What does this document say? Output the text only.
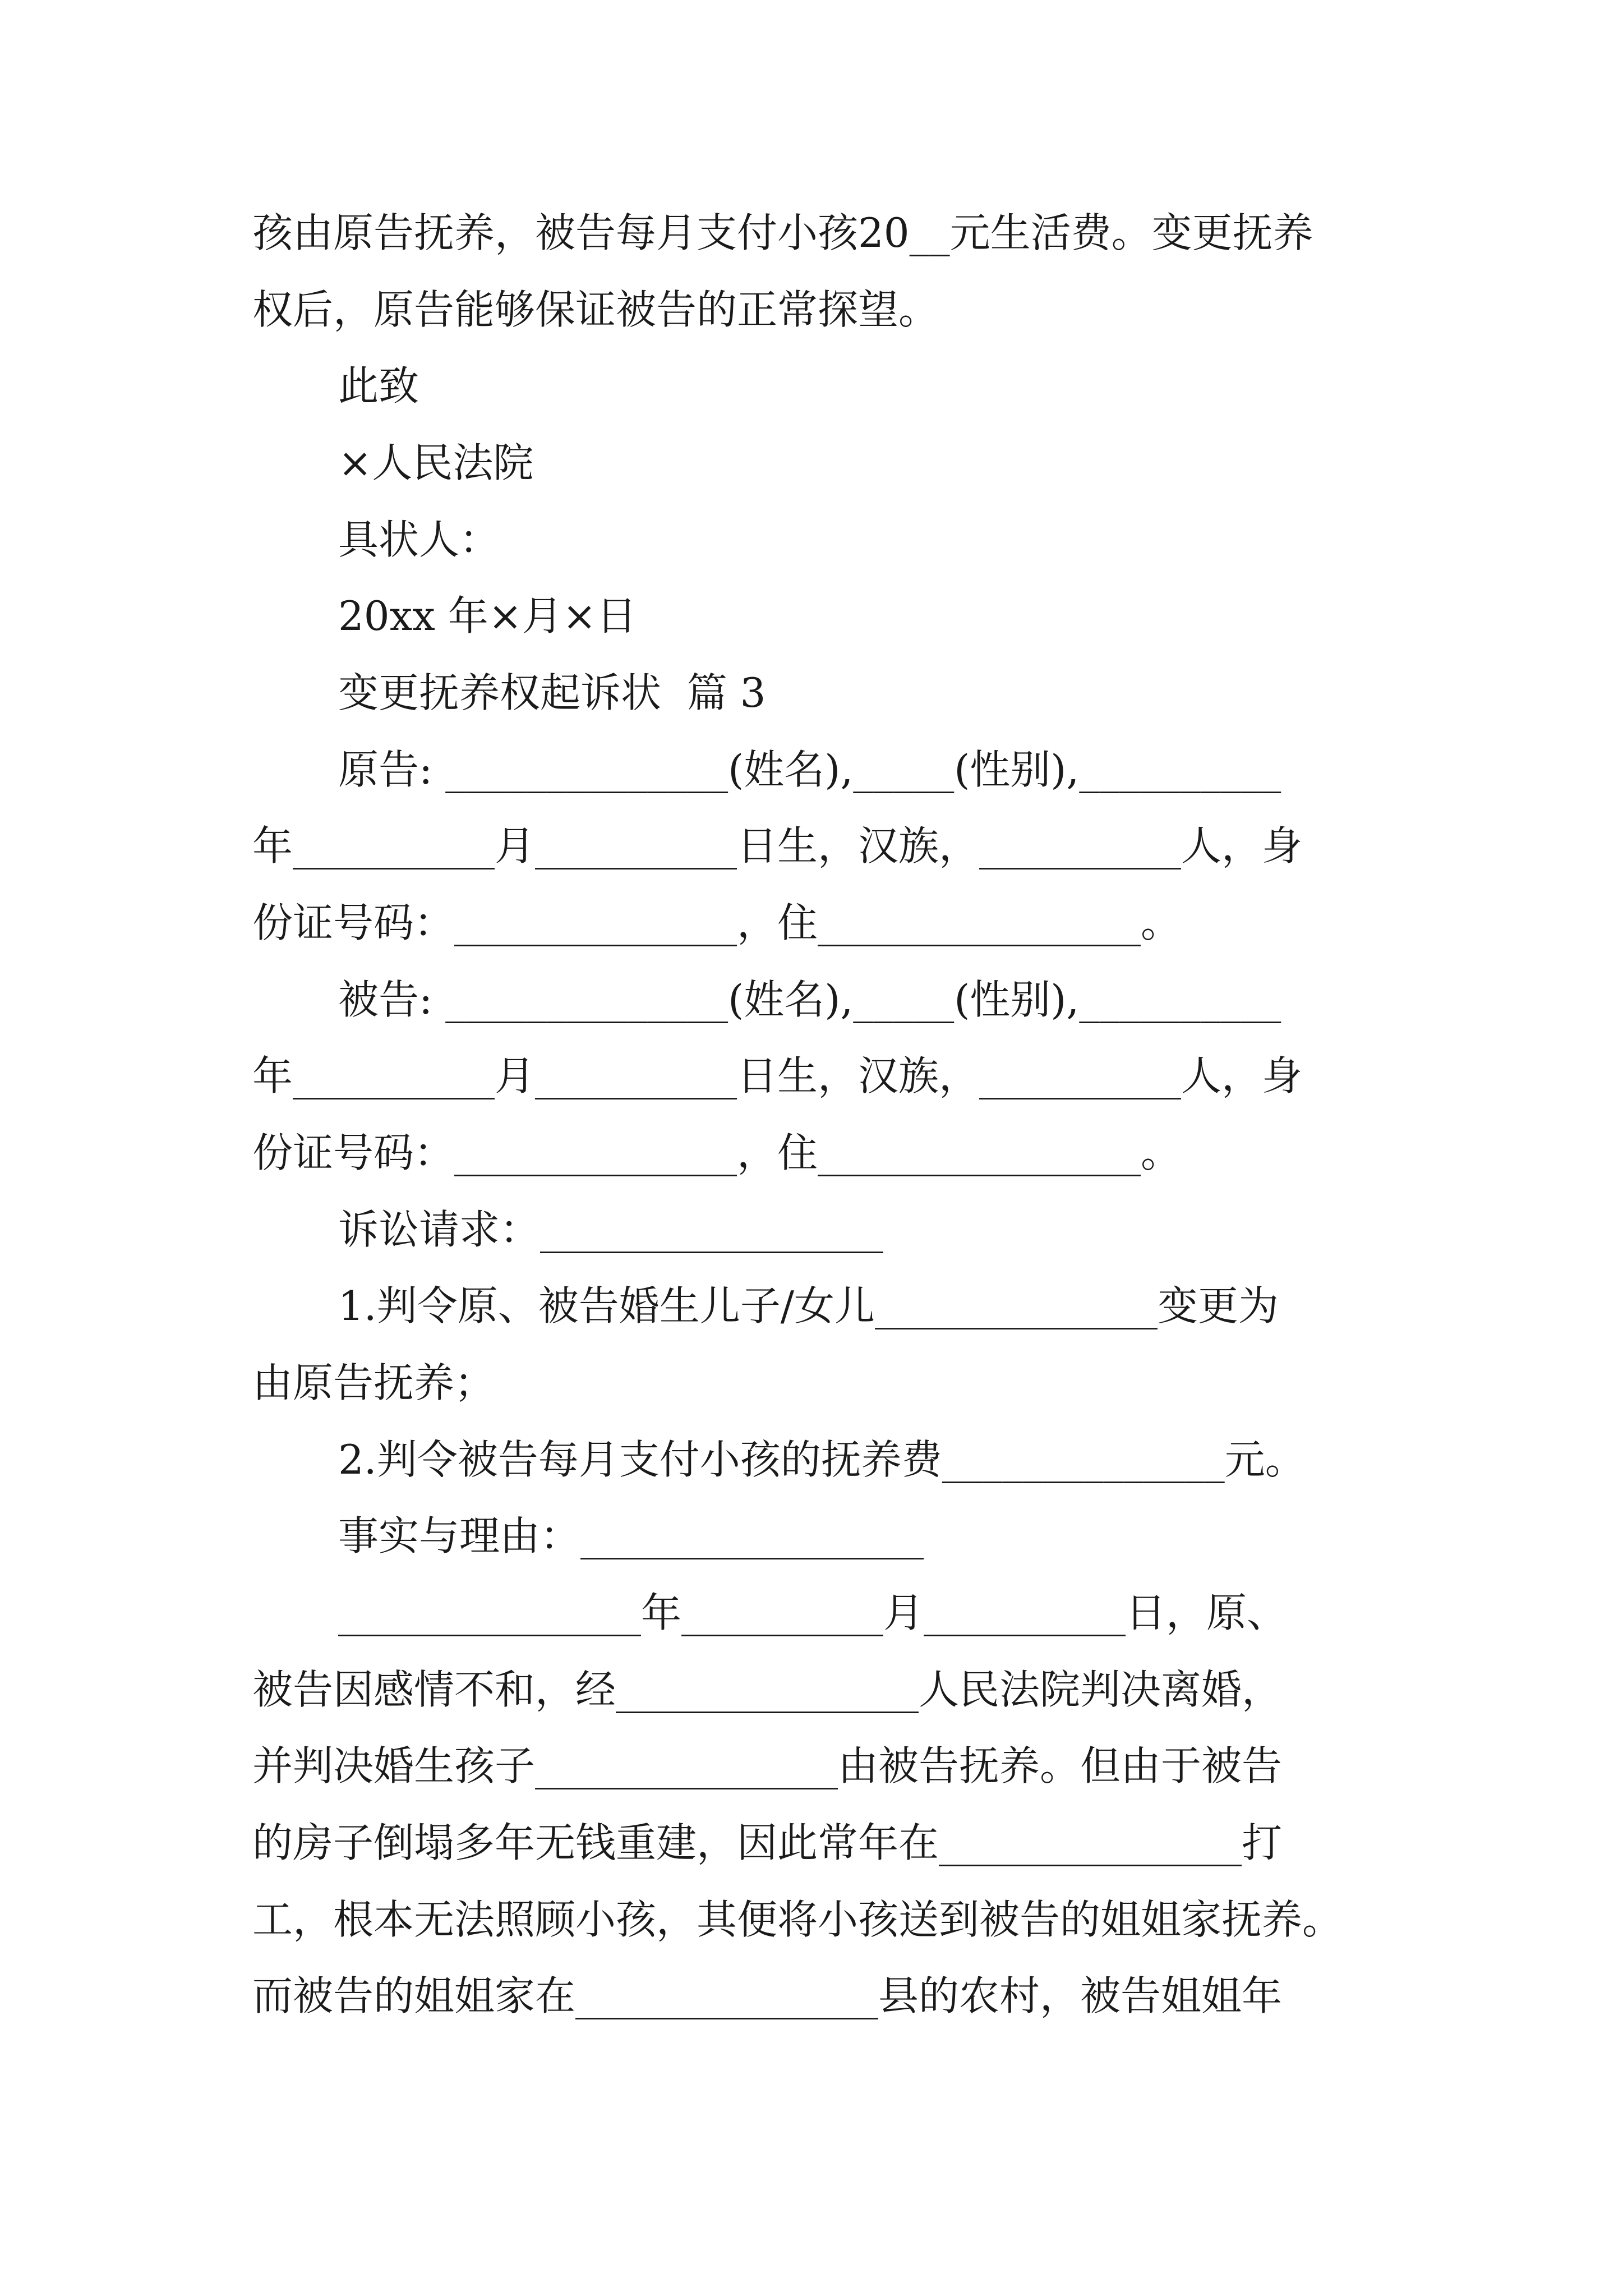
孩由原告抚养，被告每月支付小孩20__元生活费。变更抚养
权后，原告能够保证被告的正常探望。
此致
×人民法院
具状人：
20xx 年×月×日
变更抚养权起诉状  篇 3
原告: ______________(姓名),_____(性别),__________
年__________月__________日生，汉族，__________人，身
份证号码：______________，住________________。
被告: ______________(姓名),_____(性别),__________
年__________月__________日生，汉族，__________人，身
份证号码：______________，住________________。
诉讼请求：_________________
1.判令原、被告婚生儿子/女儿______________变更为
由原告抚养；
2.判令被告每月支付小孩的抚养费______________元。
事实与理由：_________________
_______________年__________月__________日，原、
被告因感情不和，经_______________人民法院判决离婚，
并判决婚生孩子_______________由被告抚养。但由于被告
的房子倒塌多年无钱重建，因此常年在_______________打
工，根本无法照顾小孩，其便将小孩送到被告的姐姐家抚养。
而被告的姐姐家在_______________县的农村，被告姐姐年
